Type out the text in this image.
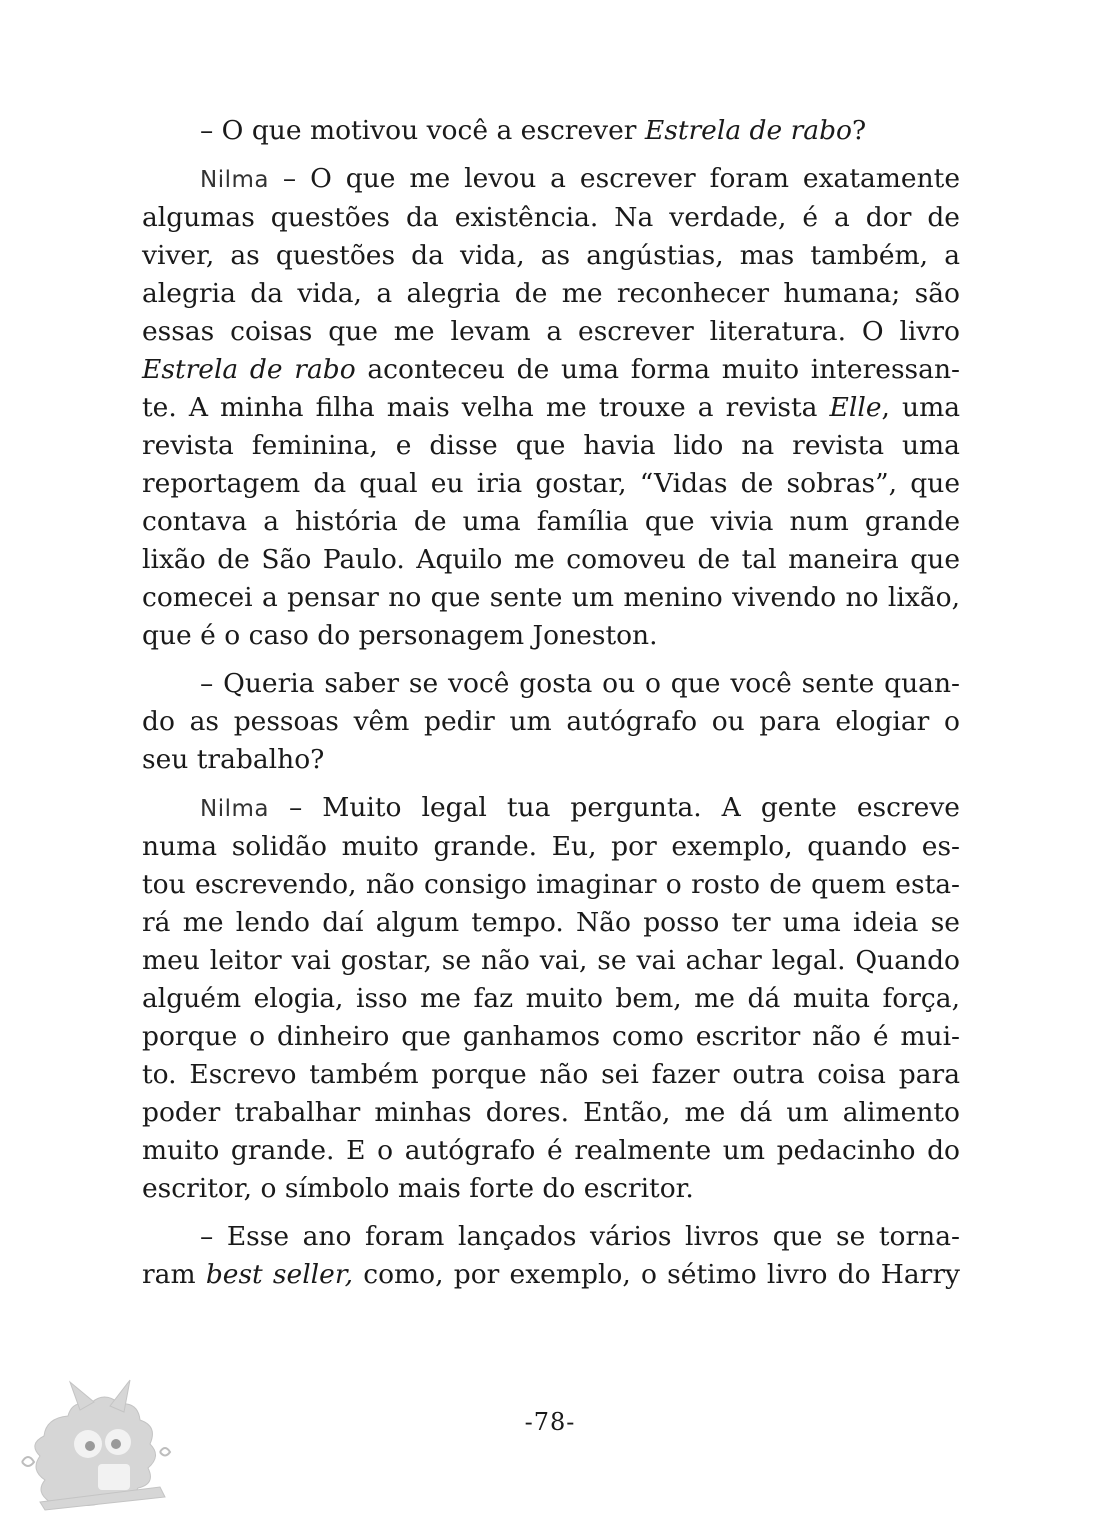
– O que motivou você a escrever Estrela de rabo?
Nilma – O que me levou a escrever foram exatamente
algumas questões da existência. Na verdade, é a dor de
viver, as questões da vida, as angústias, mas também, a
alegria da vida, a alegria de me reconhecer humana; são
essas coisas que me levam a escrever literatura. O livro
Estrela de rabo aconteceu de uma forma muito interessan-
te. A minha filha mais velha me trouxe a revista Elle, uma
revista feminina, e disse que havia lido na revista uma
reportagem da qual eu iria gostar, “Vidas de sobras”, que
contava a história de uma família que vivia num grande
lixão de São Paulo. Aquilo me comoveu de tal maneira que
comecei a pensar no que sente um menino vivendo no lixão,
que é o caso do personagem Joneston.
– Queria saber se você gosta ou o que você sente quan-
do as pessoas vêm pedir um autógrafo ou para elogiar o
seu trabalho?
Nilma – Muito legal tua pergunta. A gente escreve
numa solidão muito grande. Eu, por exemplo, quando es-
tou escrevendo, não consigo imaginar o rosto de quem esta-
rá me lendo daí algum tempo. Não posso ter uma ideia se
meu leitor vai gostar, se não vai, se vai achar legal. Quando
alguém elogia, isso me faz muito bem, me dá muita força,
porque o dinheiro que ganhamos como escritor não é mui-
to. Escrevo também porque não sei fazer outra coisa para
poder trabalhar minhas dores. Então, me dá um alimento
muito grande. E o autógrafo é realmente um pedacinho do
escritor, o símbolo mais forte do escritor.
– Esse ano foram lançados vários livros que se torna-
ram best seller, como, por exemplo, o sétimo livro do Harry
-78-
